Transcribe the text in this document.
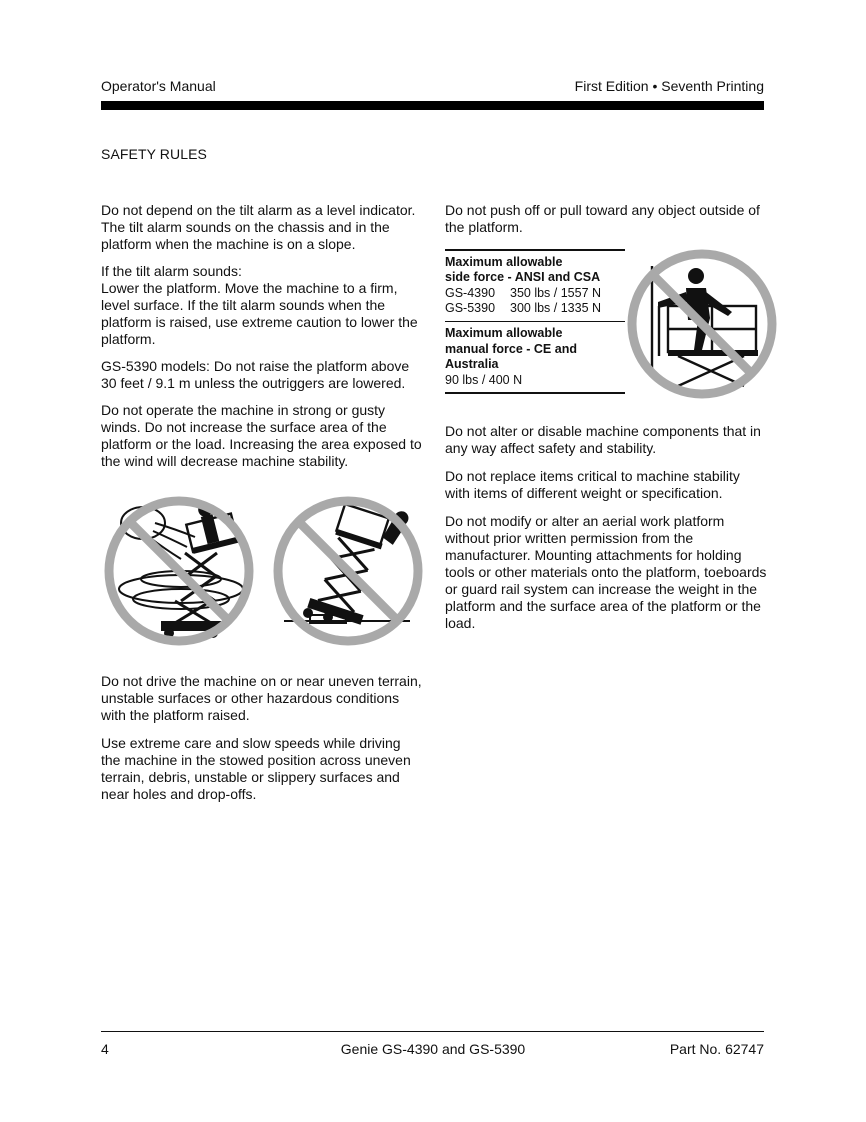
Operator's Manual	First Edition • Seventh Printing
SAFETY RULES

Do not depend on the tilt alarm as a level indicator. The tilt alarm sounds on the chassis and in the platform when the machine is on a slope.

If the tilt alarm sounds:
Lower the platform. Move the machine to a firm, level surface. If the tilt alarm sounds when the platform is raised, use extreme caution to lower the platform.

GS-5390 models: Do not raise the platform above 30 feet / 9.1 m unless the outriggers are lowered.

Do not operate the machine in strong or gusty winds. Do not increase the surface area of the platform or the load. Increasing the area exposed to the wind will decrease machine stability.

Do not push off or pull toward any object outside of the platform.

Maximum allowable
side force - ANSI and CSA
GS-4390	350 lbs / 1557 N
GS-5390	300 lbs / 1335 N
Maximum allowable
manual force - CE and
Australia
90 lbs / 400 N

Do not drive the machine on or near uneven terrain, unstable surfaces or other hazardous conditions with the platform raised.

Use extreme care and slow speeds while driving the machine in the stowed position across uneven terrain, debris, unstable or slippery surfaces and near holes and drop-offs.

Do not alter or disable machine components that in any way affect safety and stability.

Do not replace items critical to machine stability with items of different weight or specification.

Do not modify or alter an aerial work platform without prior written permission from the manufacturer. Mounting attachments for holding tools or other materials onto the platform, toeboards or guard rail system can increase the weight in the platform and the surface area of the platform or the load.

4	Genie GS-4390 and GS-5390	Part No. 62747
